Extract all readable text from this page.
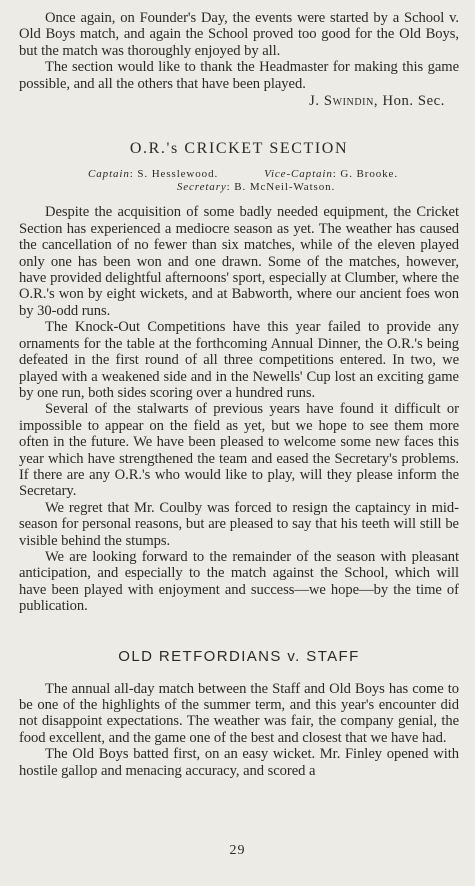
Once again, on Founder's Day, the events were started by a School v. Old Boys match, and again the School proved too good for the Old Boys, but the match was thoroughly enjoyed by all.

The section would like to thank the Headmaster for making this game possible, and all the others that have been played.

J. Swindin, Hon. Sec.
O.R.'s CRICKET SECTION
Captain: S. Hesslewood.	Vice-Captain: G. Brooke.
Secretary: B. McNeil-Watson.

Despite the acquisition of some badly needed equipment, the Cricket Section has experienced a mediocre season as yet. The weather has caused the cancellation of no fewer than six matches, while of the eleven played only one has been won and one drawn. Some of the matches, however, have provided delightful afternoons' sport, especially at Clumber, where the O.R.'s won by eight wickets, and at Babworth, where our ancient foes won by 30-odd runs.

The Knock-Out Competitions have this year failed to provide any ornaments for the table at the forthcoming Annual Dinner, the O.R.'s being defeated in the first round of all three competitions entered. In two, we played with a weakened side and in the Newells' Cup lost an exciting game by one run, both sides scoring over a hundred runs.

Several of the stalwarts of previous years have found it difficult or impossible to appear on the field as yet, but we hope to see them more often in the future. We have been pleased to welcome some new faces this year which have strengthened the team and eased the Secretary's problems. If there are any O.R.'s who would like to play, will they please inform the Secretary.

We regret that Mr. Coulby was forced to resign the captaincy in mid-season for personal reasons, but are pleased to say that his teeth will still be visible behind the stumps.

We are looking forward to the remainder of the season with pleasant anticipation, and especially to the match against the School, which will have been played with enjoyment and success—we hope—by the time of publication.

OLD RETFORDIANS v. STAFF

The annual all-day match between the Staff and Old Boys has come to be one of the highlights of the summer term, and this year's encounter did not disappoint expectations. The weather was fair, the company genial, the food excellent, and the game one of the best and closest that we have had.

The Old Boys batted first, on an easy wicket. Mr. Finley opened with hostile gallop and menacing accuracy, and scored a

29
